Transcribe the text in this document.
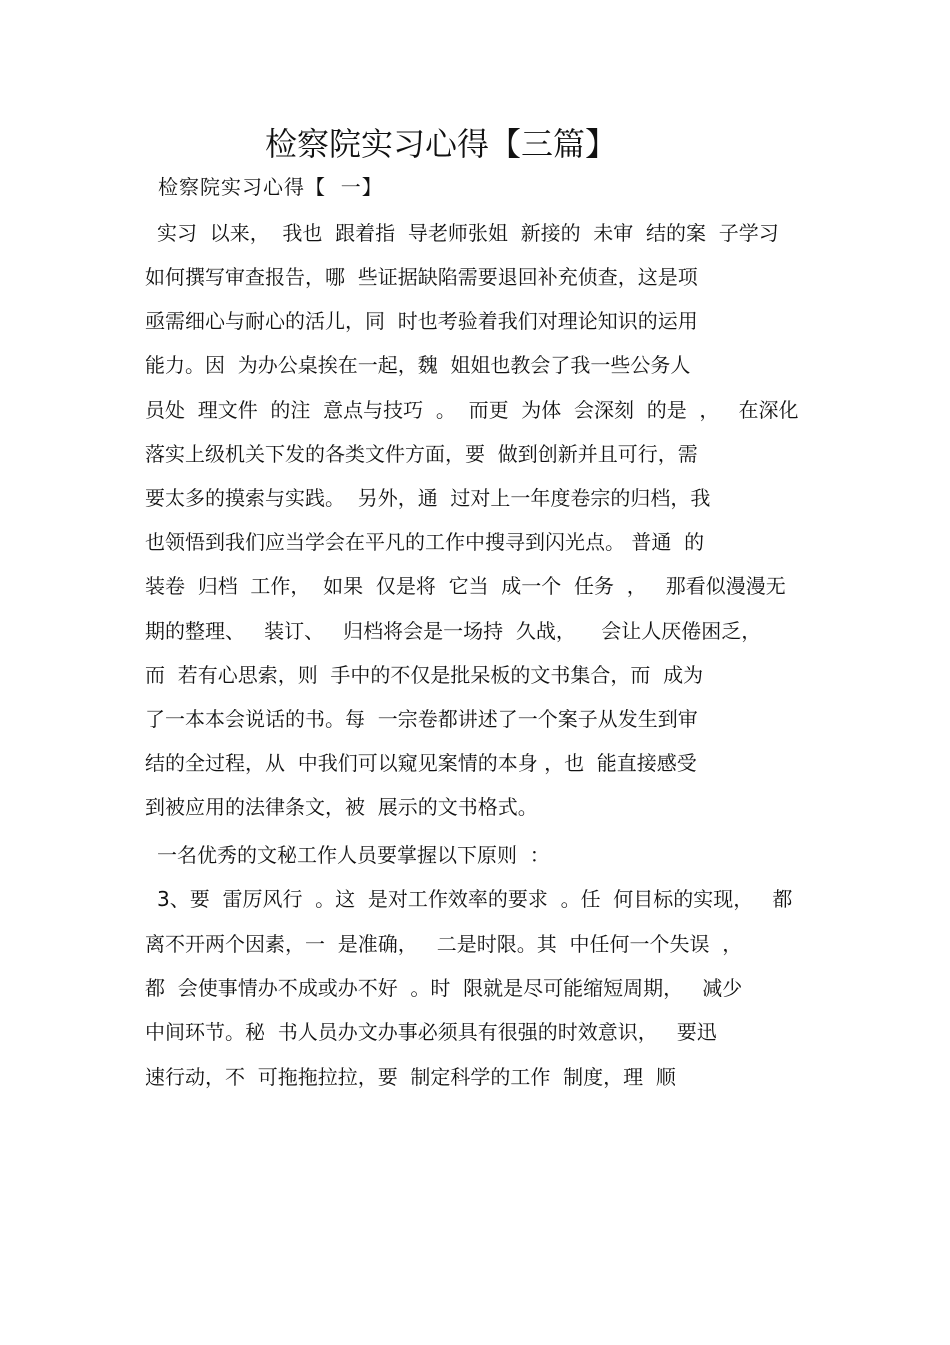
检察院实习心得【三篇】
检察院实习心得【  一】
实习  以来，  我也  跟着指  导老师张姐  新接的  未审  结的案  子学习
如何撰写审查报告，哪  些证据缺陷需要退回补充侦查，这是项
亟需细心与耐心的活儿，同  时也考验着我们对理论知识的运用
能力。因  为办公桌挨在一起，魏  姐姐也教会了我一些公务人
员处  理文件  的注  意点与技巧  。  而更  为体  会深刻  的是  ，   在深化
落实上级机关下发的各类文件方面，要  做到创新并且可行，需
要太多的摸索与实践。  另外，通  过对上一年度卷宗的归档，我
也领悟到我们应当学会在平凡的工作中搜寻到闪光点。 普通  的
装卷  归档  工作，  如果  仅是将  它当  成一个  任务  ，   那看似漫漫无
期的整理、   装订、   归档将会是一场持  久战，    会让人厌倦困乏，
而  若有心思索，则  手中的不仅是批呆板的文书集合，而  成为
了一本本会说话的书。每  一宗卷都讲述了一个案子从发生到审
结的全过程，从  中我们可以窥见案情的本身 ，也  能直接感受
到被应用的法律条文，被  展示的文书格式。
一名优秀的文秘工作人员要掌握以下原则  ：
3、要  雷厉风行  。这  是对工作效率的要求  。任  何目标的实现，   都
离不开两个因素，一  是准确，   二是时限。其  中任何一个失误  ，
都  会使事情办不成或办不好  。时  限就是尽可能缩短周期，   减少
中间环节。秘  书人员办文办事必须具有很强的时效意识，   要迅
速行动，不  可拖拖拉拉，要  制定科学的工作  制度，理  顺
